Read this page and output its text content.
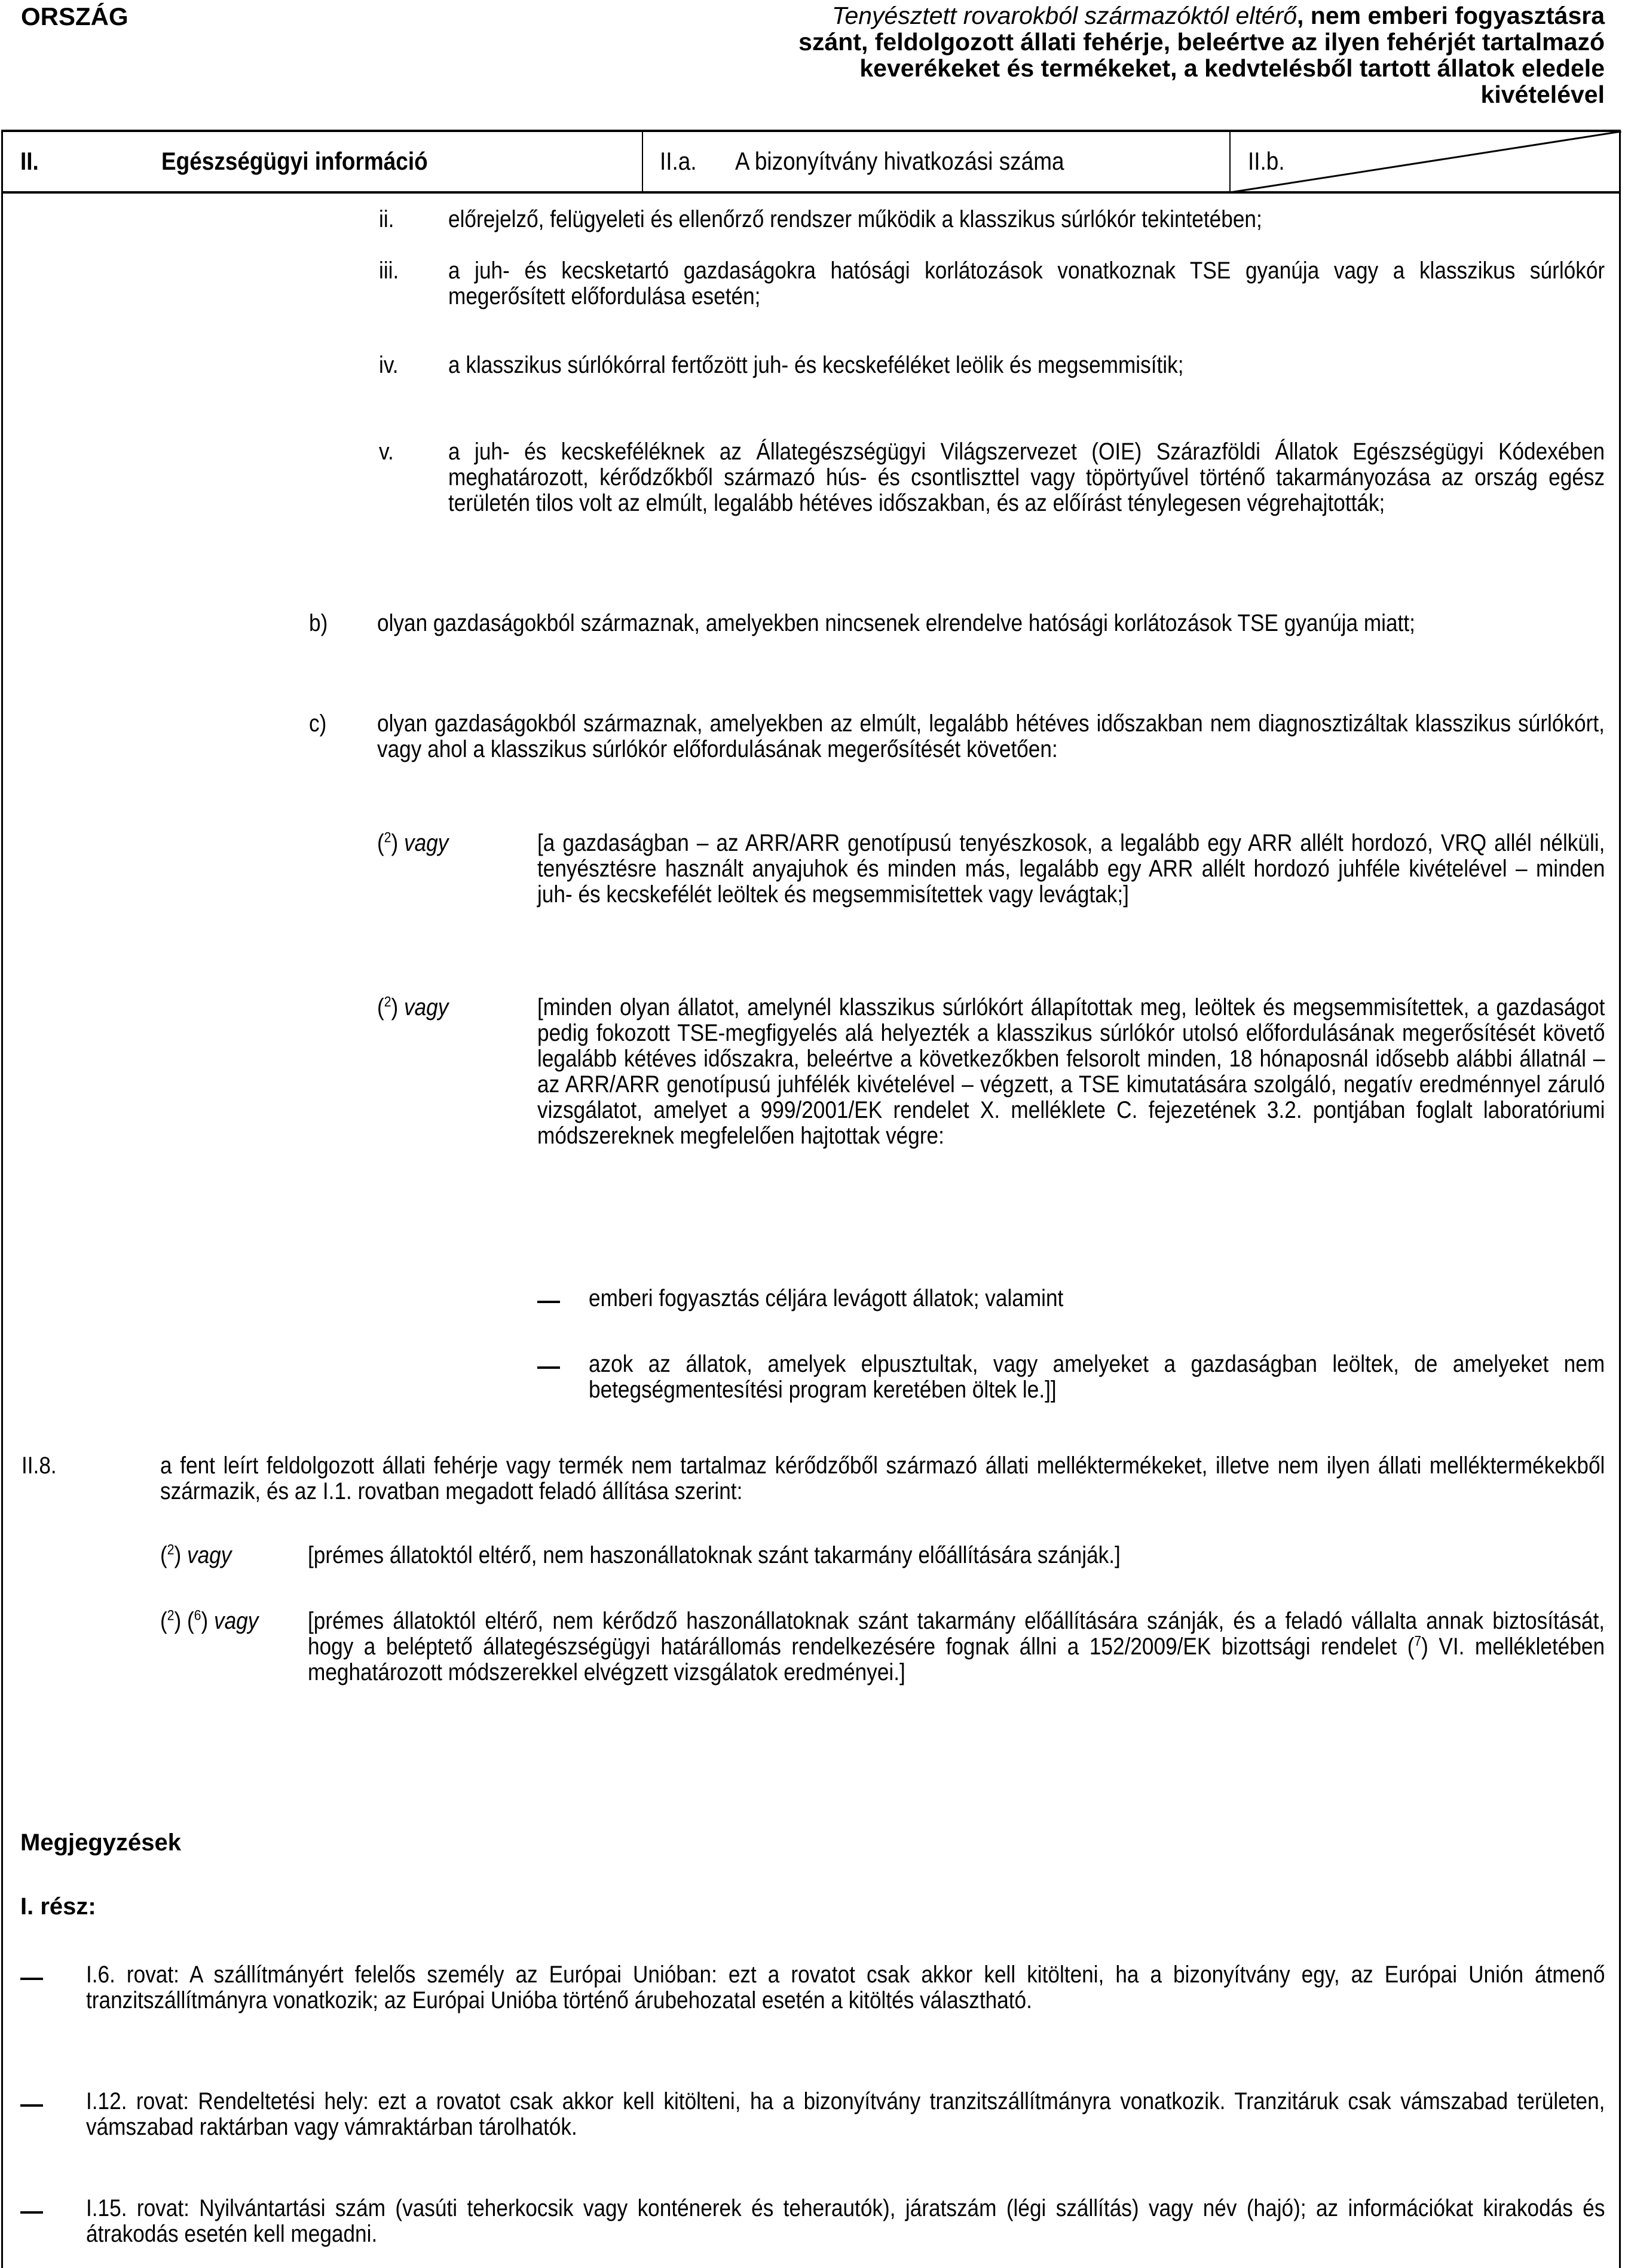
ORSZÁG	Tenyésztett rovarokból származóktól eltérő, nem emberi fogyasztásra szánt, feldolgozott állati fehérje, beleértve az ilyen fehérjét tartalmazó keverékeket és termékeket, a kedvtelésből tartott állatok eledele kivételével
II.	Egészségügyi információ	II.a. A bizonyítvány hivatkozási száma	II.b.
ii. előrejelző, felügyeleti és ellenőrző rendszer működik a klasszikus súrlókór tekintetében;
iii. a juh- és kecsketartó gazdaságokra hatósági korlátozások vonatkoznak TSE gyanúja vagy a klasszikus súrlókór megerősített előfordulása esetén;
iv. a klasszikus súrlókórral fertőzött juh- és kecskeféléket leölik és megsemmisítik;
v. a juh- és kecskeféléknek az Állategészségügyi Világszervezet (OIE) Szárazföldi Állatok Egészségügyi Kódexében meghatározott, kérődzőkből származó hús- és csontliszttel vagy töpörtyűvel történő takarmányozása az ország egész területén tilos volt az elmúlt, legalább hétéves időszakban, és az előírást ténylegesen végrehajtották;
b) olyan gazdaságokból származnak, amelyekben nincsenek elrendelve hatósági korlátozások TSE gyanúja miatt;
c) olyan gazdaságokból származnak, amelyekben az elmúlt, legalább hétéves időszakban nem diagnosztizáltak klasszikus súrlókórt, vagy ahol a klasszikus súrlókór előfordulásának megerősítését követően:
($^2$) vagy	[a gazdaságban – az ARR/ARR genotípusú tenyészkosok, a legalább egy ARR allélt hordozó, VRQ allél nélküli, tenyésztésre használt anyajuhok és minden más, legalább egy ARR allélt hordozó juhféle kivételével – minden juh- és kecskefélét leöltek és megsemmisítettek vagy levágtak;]
($^2$) vagy	[minden olyan állatot, amelynél klasszikus súrlókórt állapítottak meg, leöltek és megsemmisítettek, a gazdaságot pedig fokozott TSE-megfigyelés alá helyezték a klasszikus súrlókór utolsó előfordulásának megerősítését követő legalább kétéves időszakra, beleértve a következőkben felsorolt minden, 18 hónaposnál idősebb alábbi állatnál – az ARR/ARR genotípusú juhfélék kivételével – végzett, a TSE kimutatására szolgáló, negatív eredménnyel záruló vizsgálatot, amelyet a 999/2001/EK rendelet X. melléklete C. fejezetének 3.2. pontjában foglalt laboratóriumi módszereknek megfelelően hajtottak végre:
emberi fogyasztás céljára levágott állatok; valamint
azok az állatok, amelyek elpusztultak, vagy amelyeket a gazdaságban leöltek, de amelyeket nem betegségmentesítési program keretében öltek le.]]
II.8.	a fent leírt feldolgozott állati fehérje vagy termék nem tartalmaz kérődzőből származó állati melléktermékeket, illetve nem ilyen állati melléktermékekből származik, és az I.1. rovatban megadott feladó állítása szerint:
($^2$) vagy	[prémes állatoktól eltérő, nem haszonállatoknak szánt takarmány előállítására szánják.]
($^2$) ($^6$) vagy [prémes állatoktól eltérő, nem kérődző haszonállatoknak szánt takarmány előállítására szánják, és a feladó vállalta annak biztosítását, hogy a beléptető állategészségügyi határállomás rendelkezésére fognak állni a 152/2009/EK bizottsági rendelet ($^7$) VI. mellékletében meghatározott módszerekkel elvégzett vizsgálatok eredményei.]
Megjegyzések
I. rész:
I.6. rovat: A szállítmányért felelős személy az Európai Unióban: ezt a rovatot csak akkor kell kitölteni, ha a bizonyítvány egy, az Európai Unión átmenő tranzitszállítmányra vonatkozik; az Európai Unióba történő árubehozatal esetén a kitöltés választható.
I.12. rovat: Rendeltetési hely: ezt a rovatot csak akkor kell kitölteni, ha a bizonyítvány tranzitszállítmányra vonatkozik. Tranzitáruk csak vámszabad területen, vámszabad raktárban vagy vámraktárban tárolhatók.
I.15. rovat: Nyilvántartási szám (vasúti teherkocsik vagy konténerek és teherautók), járatszám (légi szállítás) vagy név (hajó); az információkat kirakodás és átrakodás esetén kell megadni.
